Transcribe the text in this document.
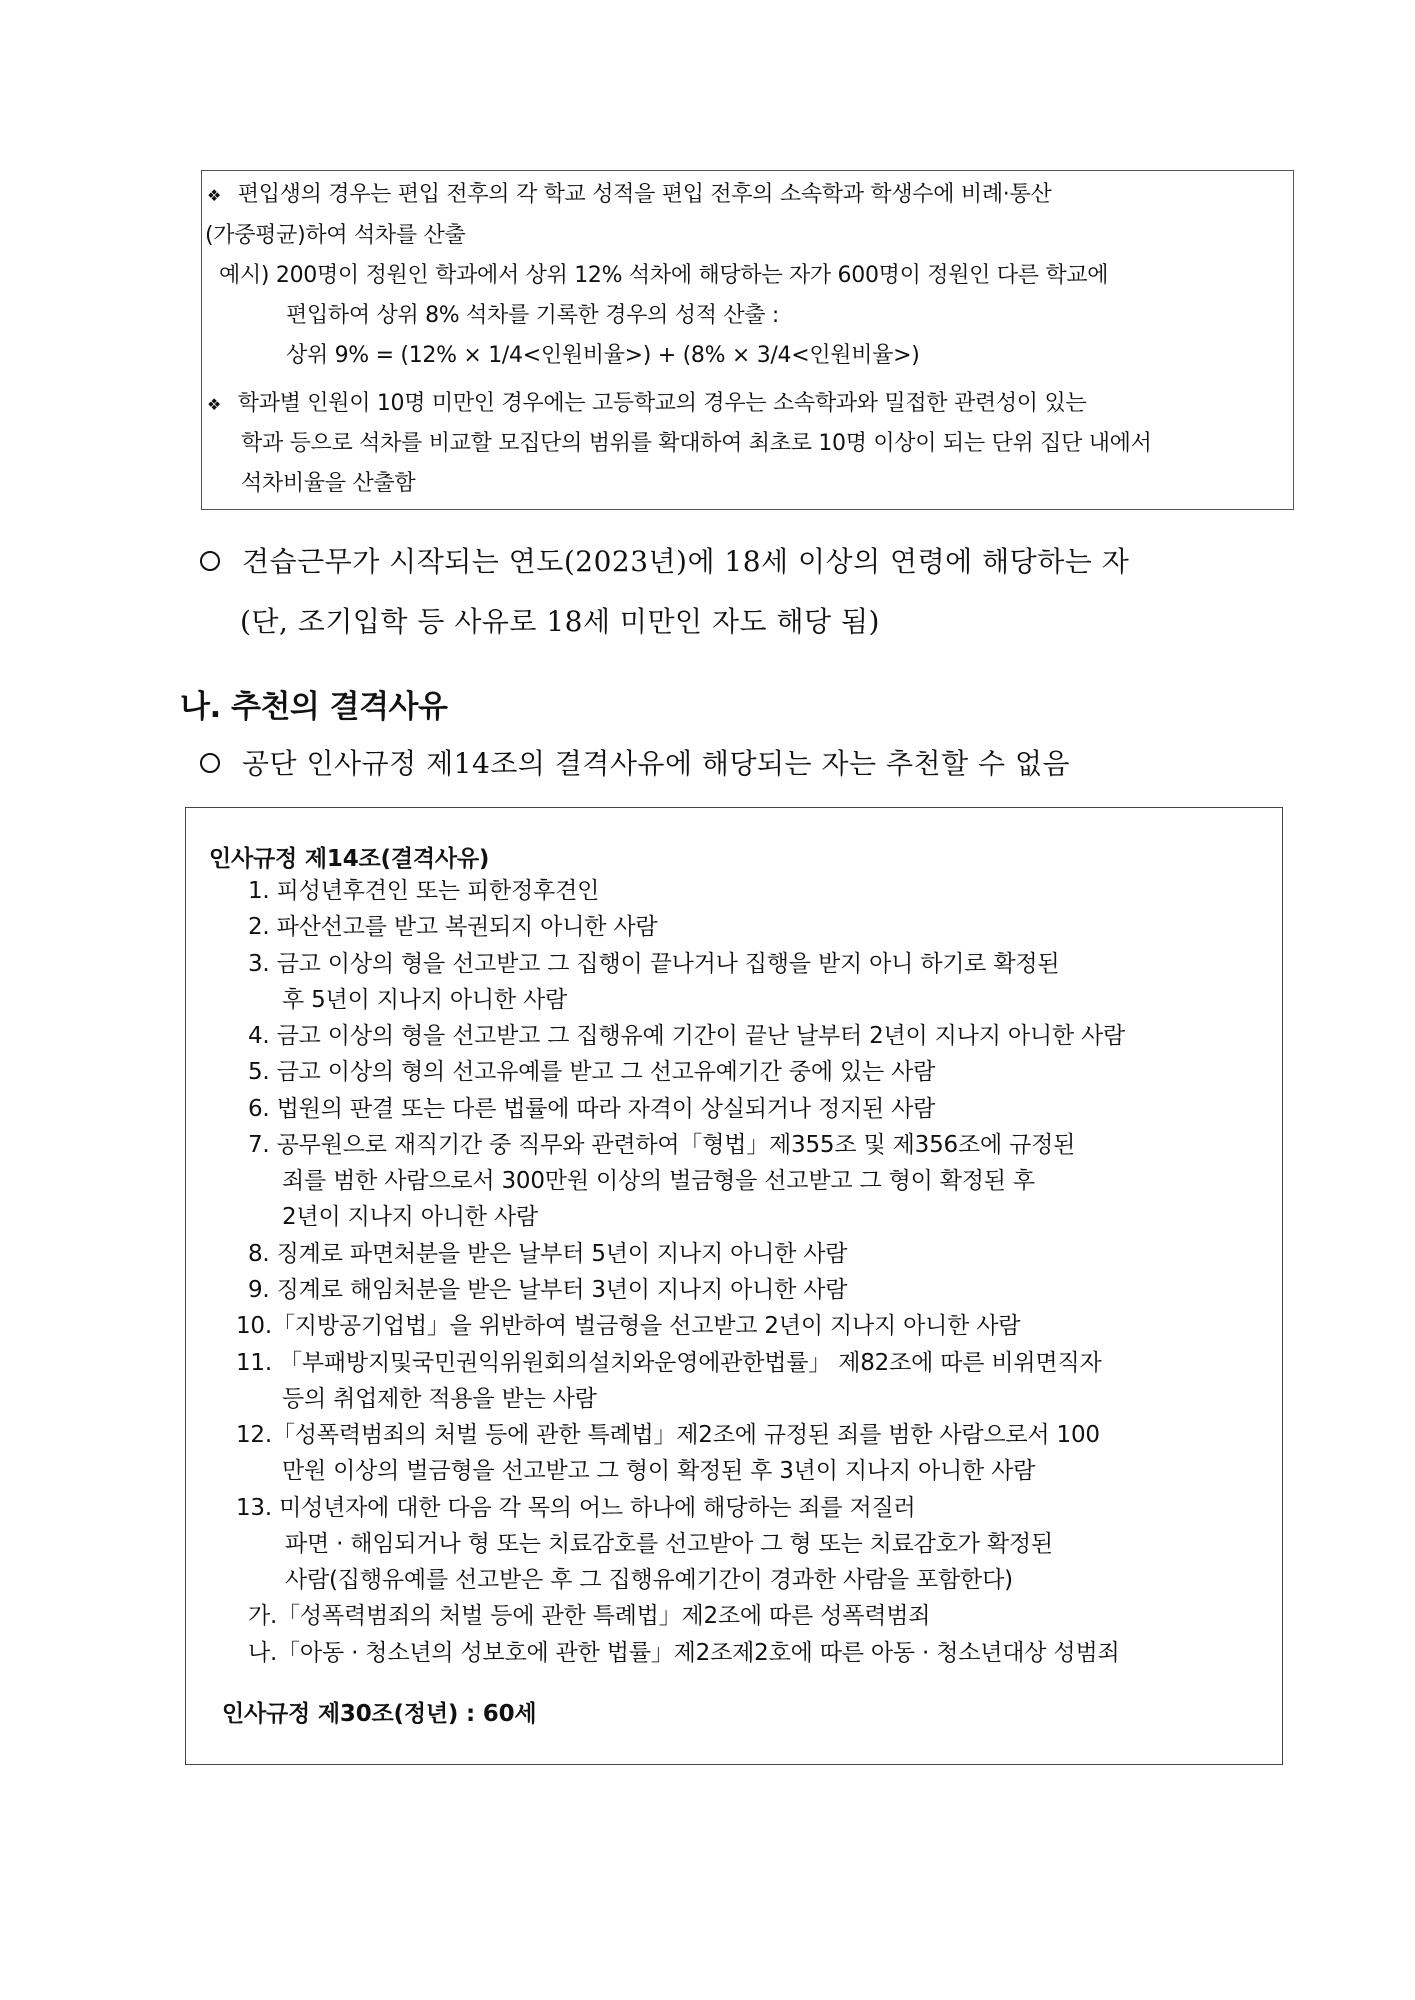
❖ 편입생의 경우는 편입 전후의 각 학교 성적을 편입 전후의 소속학과 학생수에 비례·통산
(가중평균)하여 석차를 산출
예시) 200명이 정원인 학과에서 상위 12% 석차에 해당하는 자가 600명이 정원인 다른 학교에
편입하여 상위 8% 석차를 기록한 경우의 성적 산출 :
상위 9% = (12% × 1/4<인원비율>) + (8% × 3/4<인원비율>)
❖ 학과별 인원이 10명 미만인 경우에는 고등학교의 경우는 소속학과와 밀접한 관련성이 있는
학과 등으로 석차를 비교할 모집단의 범위를 확대하여 최초로 10명 이상이 되는 단위 집단 내에서
석차비율을 산출함
견습근무가 시작되는 연도(2023년)에 18세 이상의 연령에 해당하는 자
(단, 조기입학 등 사유로 18세 미만인 자도 해당 됨)
나. 추천의 결격사유
공단 인사규정 제14조의 결격사유에 해당되는 자는 추천할 수 없음
인사규정 제14조(결격사유)
1. 피성년후견인 또는 피한정후견인
2. 파산선고를 받고 복권되지 아니한 사람
3. 금고 이상의 형을 선고받고 그 집행이 끝나거나 집행을 받지 아니 하기로 확정된
후 5년이 지나지 아니한 사람
4. 금고 이상의 형을 선고받고 그 집행유예 기간이 끝난 날부터 2년이 지나지 아니한 사람
5. 금고 이상의 형의 선고유예를 받고 그 선고유예기간 중에 있는 사람
6. 법원의 판결 또는 다른 법률에 따라 자격이 상실되거나 정지된 사람
7. 공무원으로 재직기간 중 직무와 관련하여「형법」제355조 및 제356조에 규정된
죄를 범한 사람으로서 300만원 이상의 벌금형을 선고받고 그 형이 확정된 후
2년이 지나지 아니한 사람
8. 징계로 파면처분을 받은 날부터 5년이 지나지 아니한 사람
9. 징계로 해임처분을 받은 날부터 3년이 지나지 아니한 사람
10.「지방공기업법」을 위반하여 벌금형을 선고받고 2년이 지나지 아니한 사람
11. 「부패방지및국민권익위원회의설치와운영에관한법률」 제82조에 따른 비위면직자
등의 취업제한 적용을 받는 사람
12.「성폭력범죄의 처벌 등에 관한 특례법」제2조에 규정된 죄를 범한 사람으로서 100
만원 이상의 벌금형을 선고받고 그 형이 확정된 후 3년이 지나지 아니한 사람
13. 미성년자에 대한 다음 각 목의 어느 하나에 해당하는 죄를 저질러
파면 · 해임되거나 형 또는 치료감호를 선고받아 그 형 또는 치료감호가 확정된
사람(집행유예를 선고받은 후 그 집행유예기간이 경과한 사람을 포함한다)
가.「성폭력범죄의 처벌 등에 관한 특례법」제2조에 따른 성폭력범죄
나.「아동 · 청소년의 성보호에 관한 법률」제2조제2호에 따른 아동 · 청소년대상 성범죄
인사규정 제30조(정년) : 60세
